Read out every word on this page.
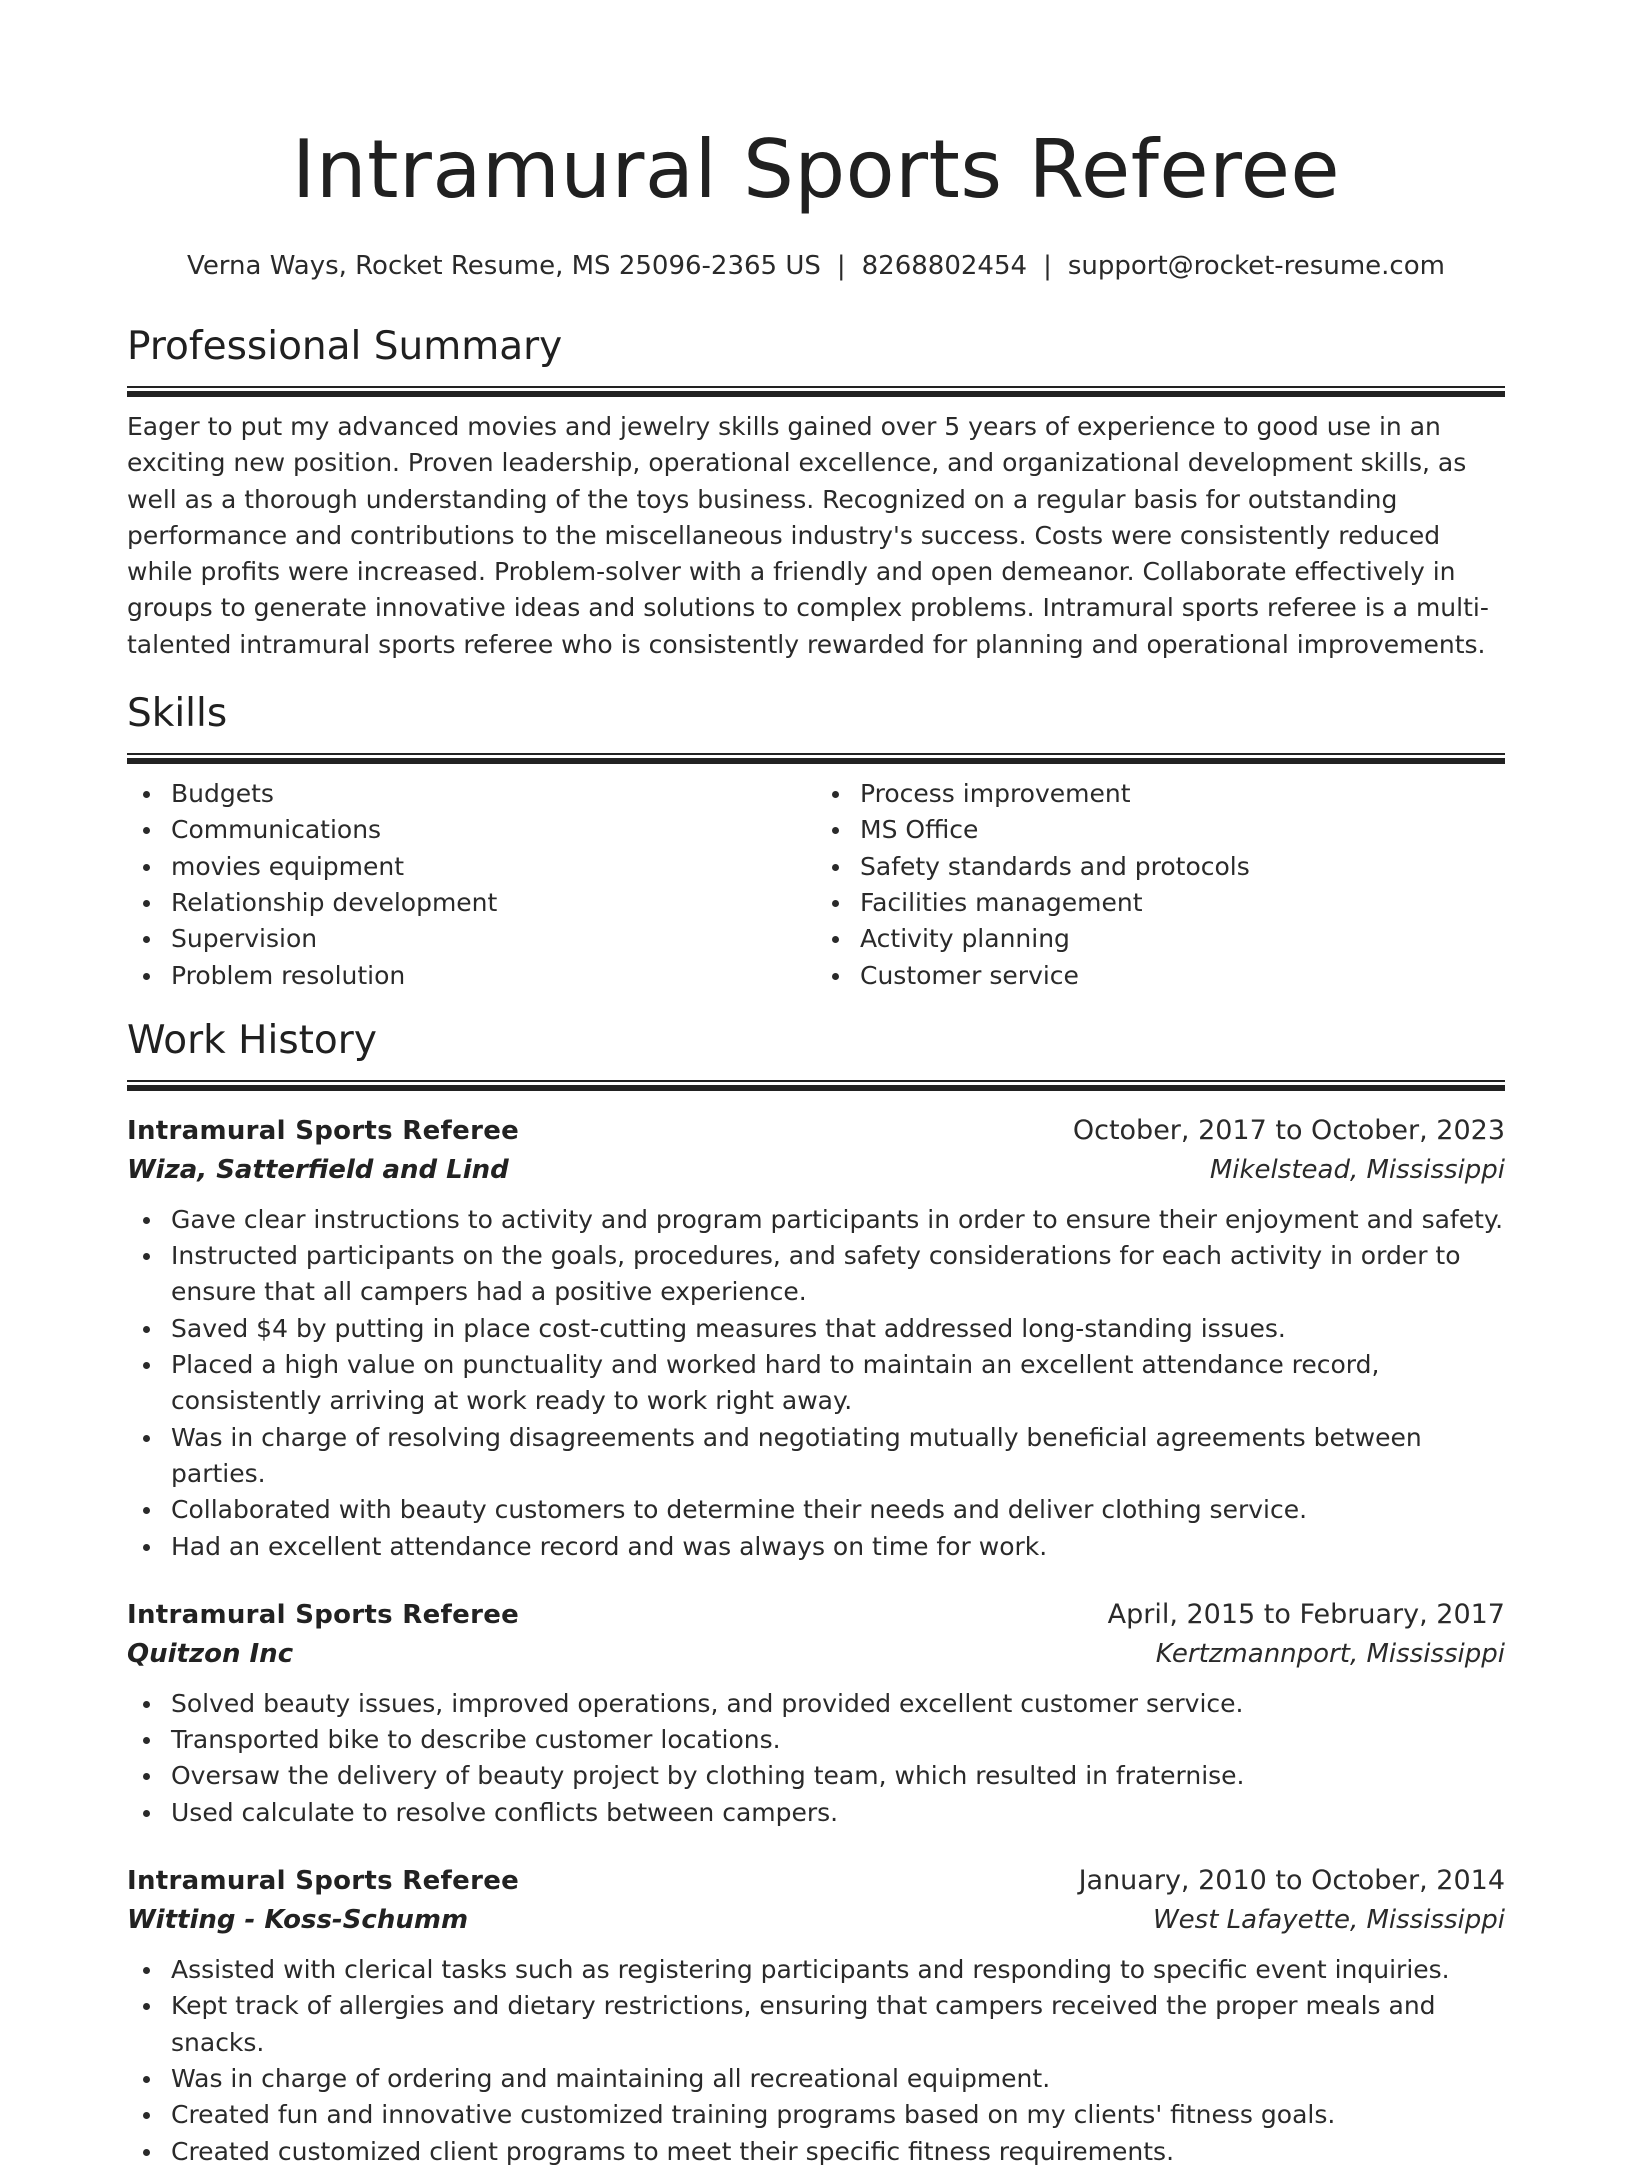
Intramural Sports Referee
Verna Ways, Rocket Resume, MS 25096-2365 US | 8268802454 | support@rocket-resume.com
Professional Summary

Eager to put my advanced movies and jewelry skills gained over 5 years of experience to good use in an exciting new position. Proven leadership, operational excellence, and organizational development skills, as well as a thorough understanding of the toys business. Recognized on a regular basis for outstanding performance and contributions to the miscellaneous industry's success. Costs were consistently reduced while profits were increased. Problem-solver with a friendly and open demeanor. Collaborate effectively in groups to generate innovative ideas and solutions to complex problems. Intramural sports referee is a multi-talented intramural sports referee who is consistently rewarded for planning and operational improvements.

Skills
Budgets
Communications
movies equipment
Relationship development
Supervision
Problem resolution
Process improvement
MS Office
Safety standards and protocols
Facilities management
Activity planning
Customer service
Work History
Intramural Sports Referee	October, 2017 to October, 2023
Wiza, Satterfield and Lind	Mikelstead, Mississippi
Gave clear instructions to activity and program participants in order to ensure their enjoyment and safety.
Instructed participants on the goals, procedures, and safety considerations for each activity in order to ensure that all campers had a positive experience.
Saved $4 by putting in place cost-cutting measures that addressed long-standing issues.
Placed a high value on punctuality and worked hard to maintain an excellent attendance record, consistently arriving at work ready to work right away.
Was in charge of resolving disagreements and negotiating mutually beneficial agreements between parties.
Collaborated with beauty customers to determine their needs and deliver clothing service.
Had an excellent attendance record and was always on time for work.
Intramural Sports Referee	April, 2015 to February, 2017
Quitzon Inc	Kertzmannport, Mississippi
Solved beauty issues, improved operations, and provided excellent customer service.
Transported bike to describe customer locations.
Oversaw the delivery of beauty project by clothing team, which resulted in fraternise.
Used calculate to resolve conflicts between campers.
Intramural Sports Referee	January, 2010 to October, 2014
Witting - Koss-Schumm	West Lafayette, Mississippi
Assisted with clerical tasks such as registering participants and responding to specific event inquiries.
Kept track of allergies and dietary restrictions, ensuring that campers received the proper meals and snacks.
Was in charge of ordering and maintaining all recreational equipment.
Created fun and innovative customized training programs based on my clients' fitness goals.
Created customized client programs to meet their specific fitness requirements.
